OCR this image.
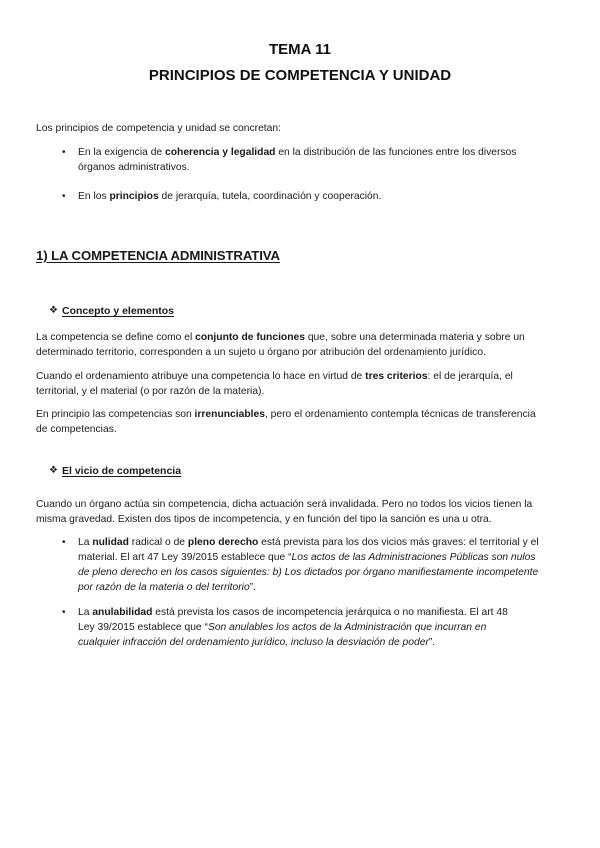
TEMA 11
PRINCIPIOS DE COMPETENCIA Y UNIDAD
Los principios de competencia y unidad se concretan:
• En la exigencia de coherencia y legalidad en la distribución de las funciones entre los diversos
órganos administrativos.
• En los principios de jerarquía, tutela, coordinación y cooperación.
1) LA COMPETENCIA ADMINISTRATIVA
❖
Concepto y elementos
La competencia se define como el conjunto de funciones que, sobre una determinada materia y sobre un
determinado territorio, corresponden a un sujeto u órgano por atribución del ordenamiento jurídico.
Cuando el ordenamiento atribuye una competencia lo hace en virtud de tres criterios: el de jerarquía, el
territorial, y el material (o por razón de la materia).
En principio las competencias son irrenunciables, pero el ordenamiento contempla técnicas de transferencia
de competencias.
❖
El vicio de competencia
Cuando un órgano actúa sin competencia, dicha actuación será invalidada. Pero no todos los vicios tienen la
misma gravedad. Existen dos tipos de incompetencia, y en función del tipo la sanción es una u otra.
• La nulidad radical o de pleno derecho está prevista para los dos vicios más graves: el territorial y el
material. El art 47 Ley 39/2015 establece que “Los actos de las Administraciones Públicas son nulos
de pleno derecho en los casos siguientes: b) Los dictados por órgano manifiestamente incompetente
por razón de la materia o del territorio”.
• La anulabilidad está prevista los casos de incompetencia jerárquica o no manifiesta. El art 48
Ley 39/2015 establece que “Son anulables los actos de la Administración que incurran en
cualquier infracción del ordenamiento jurídico, incluso la desviación de poder”.
